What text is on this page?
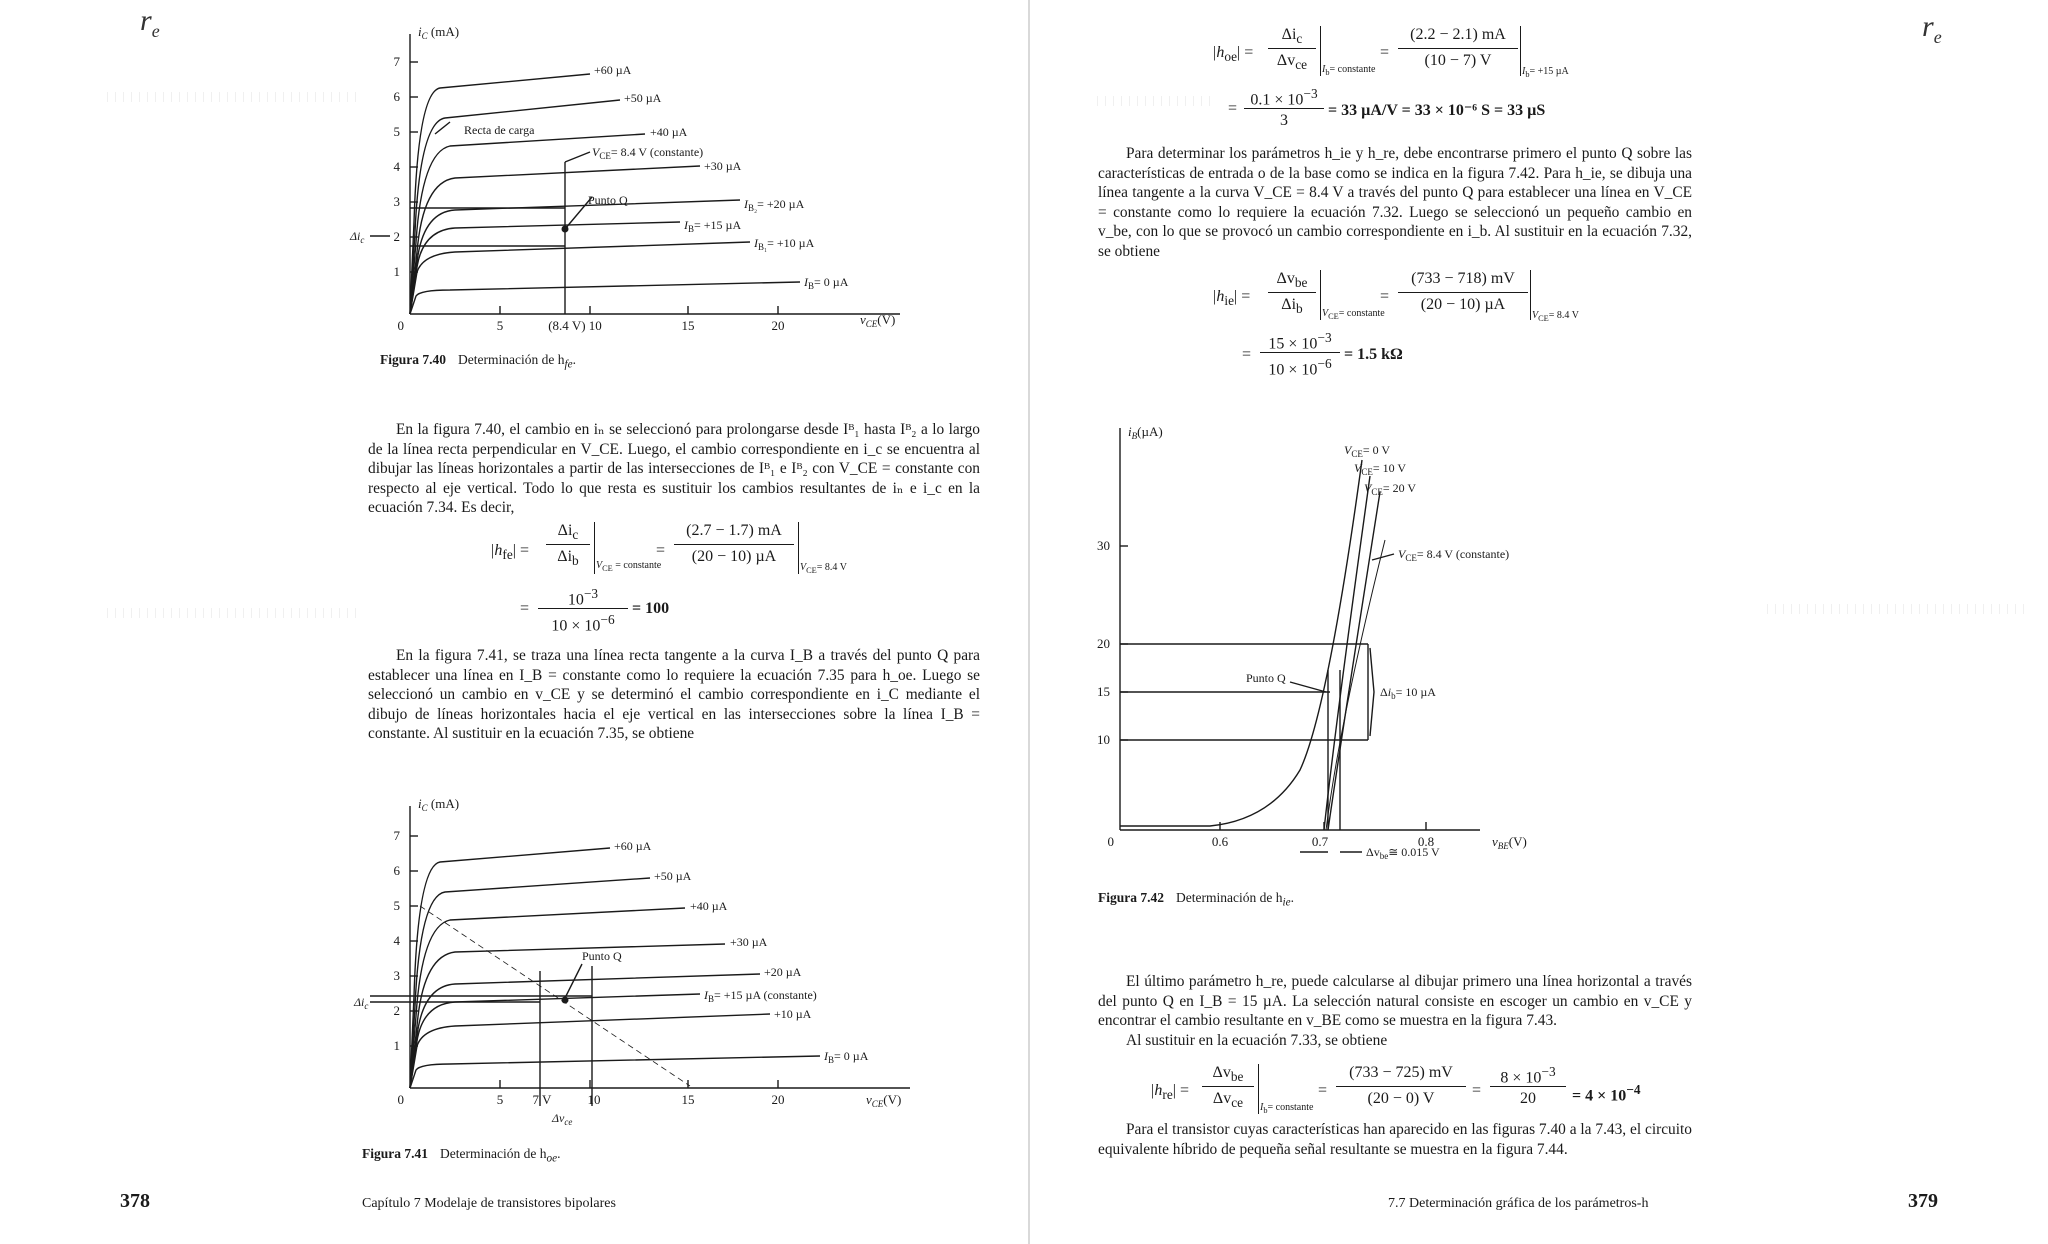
$r_e$	$r_e$
7
6
5
4
3
2
1
0	5	(8.4 V) 10	15	20
$i_C$ (mA)
$v_{CE}(V)$
+60 µA
+50 µA
+40 µA
+30 µA
$I_{B_2}= +20$ µA
$I_B= +15$ µA
$I_{B_1}= +10$ µA
$I_B= 0$ µA
Recta de carga
$V_{CE}= 8.4$ V (constante)
Punto Q
$\Delta i_c$
Figura 7.40 Determinación de $h_{fe}$.

En la figura 7.40, el cambio en iₙ se seleccionó para prolongarse desde Iᴮ₁ hasta Iᴮ₂ a lo largo de la línea recta perpendicular en V_CE. Luego, el cambio correspondiente en i_c se encuentra al dibujar las líneas horizontales a partir de las intersecciones de Iᴮ₁ e Iᴮ₂ con V_CE = constante con respecto al eje vertical. Todo lo que resta es sustituir los cambios resultantes de iₙ e i_c en la ecuación 7.34. Es decir,

$|h_{fe}|$ =
$\Delta i_c$
$\Delta i_b$	$V_{CE}$ = constante
=
(2.7 − 1.7) mA
(20 − 10) µA
$V_{CE}= 8.4$ V
=
$10^{-3}$
$10 \times 10^{-6}$
= 100

En la figura 7.41, se traza una línea recta tangente a la curva I_B a través del punto Q para establecer una línea en I_B = constante como lo requiere la ecuación 7.35 para h_oe. Luego se seleccionó un cambio en v_CE y se determinó el cambio correspondiente en i_C mediante el dibujo de líneas horizontales hacia el eje vertical en las intersecciones sobre la línea I_B = constante. Al sustituir en la ecuación 7.35, se obtiene

7
6
5
4
3
2
1
0	5 7 V	10	15	20
$i_C$ (mA)
$v_{CE}(V)$
+60 µA
+50 µA
+40 µA
+30 µA
+20 µA
$I_B= +15$ µA (constante)
+10 µA
$I_B= 0$ µA
Punto Q
$\Delta i_c$
$\Delta v_{ce}$
Figura 7.41 Determinación de $h_{oe}$.
378	Capítulo 7 Modelaje de transistores bipolares
$|h_{oe}|$ =
$\Delta i_c$
$\Delta v_{ce}$	$I_b=$ constante
=
(2.2 − 2.1) mA
(10 − 7) V
$I_b= +15$ µA
=
$0.1 \times 10^{-3}$
3
= 33 µA/V = 33 × 10⁻⁶ S = 33 µS

Para determinar los parámetros h_ie y h_re, debe encontrarse primero el punto Q sobre las características de entrada o de la base como se indica en la figura 7.42. Para h_ie, se dibuja una línea tangente a la curva V_CE = 8.4 V a través del punto Q para establecer una línea en V_CE = constante como lo requiere la ecuación 7.32. Luego se seleccionó un pequeño cambio en v_be, con lo que se provocó un cambio correspondiente en i_b. Al sustituir en la ecuación 7.32, se obtiene

$|h_{ie}|$ =
$\Delta v_{be}$
$\Delta i_b$	$V_{CE}=$ constante
=
(733 − 718) mV
(20 − 10) µA
$V_{CE}= 8.4$ V
=
$15 \times 10^{-3}$
$10 \times 10^{-6}$
= 1.5 kΩ
30
20
15
10
0	0.6	0.7	0.8
$i_B(\mu A)$
$v_{BE}(V)$
$V_{CE}= 0$ V
$V_{CE}= 10$ V
$V_{CE}= 20$ V
$V_{CE}= 8.4$ V (constante)
Punto Q
$\Delta i_b= 10$ µA
$\Delta v_{be}≅$ 0.015 V
Figura 7.42 Determinación de $h_{ie}$.

El último parámetro h_re, puede calcularse al dibujar primero una línea horizontal a través del punto Q en I_B = 15 µA. La selección natural consiste en escoger un cambio en v_CE y encontrar el cambio resultante en v_BE como se muestra en la figura 7.43.

Al sustituir en la ecuación 7.33, se obtiene

$|h_{re}|$ =
$\Delta v_{be}$
$\Delta v_{ce}$	$I_b=$ constante
=
(733 − 725) mV
(20 − 0) V	=
$8 \times 10^{-3}$
20	= $4 \times 10^{-4}$

Para el transistor cuyas características han aparecido en las figuras 7.40 a la 7.43, el circuito equivalente híbrido de pequeña señal resultante se muestra en la figura 7.44.

7.7 Determinación gráfica de los parámetros-h	379
